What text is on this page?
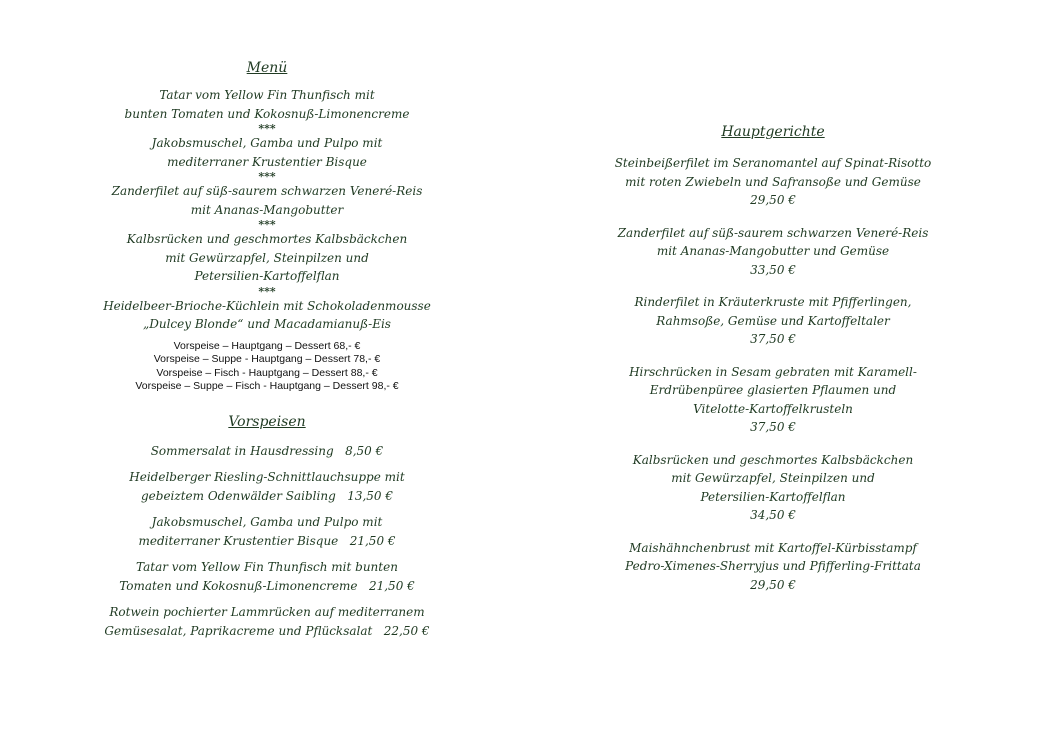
Menü
Tatar vom Yellow Fin Thunfisch mit
bunten Tomaten und Kokosnuß-Limonencreme
***
Jakobsmuschel, Gamba und Pulpo mit
mediterraner Krustentier Bisque
***
Zanderfilet auf süß-saurem schwarzen Veneré-Reis
mit Ananas-Mangobutter
***
Kalbsrücken und geschmortes Kalbsbäckchen
mit Gewürzapfel, Steinpilzen und
Petersilien-Kartoffelflan
***
Heidelbeer-Brioche-Küchlein mit Schokoladenmousse
„Dulcey Blonde“ und Macadamianuß-Eis
Vorspeise – Hauptgang – Dessert 68,- €
Vorspeise – Suppe - Hauptgang – Dessert 78,- €
Vorspeise – Fisch - Hauptgang – Dessert 88,- €
Vorspeise – Suppe – Fisch - Hauptgang – Dessert 98,- €
Vorspeisen
Sommersalat in Hausdressing   8,50 €
Heidelberger Riesling-Schnittlauchsuppe mit
gebeiztem Odenwälder Saibling   13,50 €
Jakobsmuschel, Gamba und Pulpo mit
mediterraner Krustentier Bisque   21,50 €
Tatar vom Yellow Fin Thunfisch mit bunten
Tomaten und Kokosnuß-Limonencreme   21,50 €
Rotwein pochierter Lammrücken auf mediterranem
Gemüsesalat, Paprikacreme und Pflücksalat   22,50 €
Hauptgerichte
Steinbeißerfilet im Seranomantel auf Spinat-Risotto
mit roten Zwiebeln und Safransoße und Gemüse
29,50 €
Zanderfilet auf süß-saurem schwarzen Veneré-Reis
mit Ananas-Mangobutter und Gemüse
33,50 €
Rinderfilet in Kräuterkruste mit Pfifferlingen,
Rahmsoße, Gemüse und Kartoffeltaler
37,50 €
Hirschrücken in Sesam gebraten mit Karamell-
Erdrübenpüree glasierten Pflaumen und
Vitelotte-Kartoffelkrusteln
37,50 €
Kalbsrücken und geschmortes Kalbsbäckchen
mit Gewürzapfel, Steinpilzen und
Petersilien-Kartoffelflan
34,50 €
Maishähnchenbrust mit Kartoffel-Kürbisstampf
Pedro-Ximenes-Sherryjus und Pfifferling-Frittata
29,50 €
